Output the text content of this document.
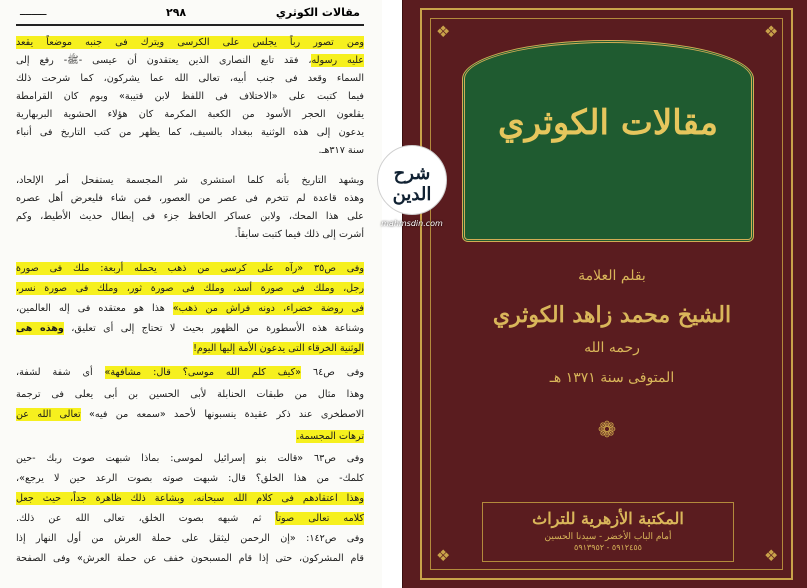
مقالات الكوثري
٢٩٨
ـــــــــ
ومن تصور رباً يجلس على الكرسى ويترك فى جنبه موضعاً يقعد
عليه رسوله، فقد تابع النصارى الذين يعتقدون أن عيسى -ﷺ- رفع إلى
السماء وقعد فى جنب أبيه، تعالى الله عما يشركون، كما شرحت ذلك
فيما كتبت على «الاختلاف فى اللفظ لابن قتيبة» ويوم كان القرامطة
يقلعون الحجر الأسود من الكعبة المكرمة كان هؤلاء الحشوية البربهارية
يدعون إلى هذه الوثنية ببغداد بالسيف، كما يظهر من كتب التاريخ فى أنباء
سنة ٣١٧هـ.
ويشهد التاريخ بأنه كلما استشرى شر المجسمة يستفحل أمر الإلحاد،
وهذه قاعدة لم تتخرم فى عصر من العصور، فمن شاء فليعرض أهل عصره
على هذا المحك، ولابن عساكر الحافظ جزء فى إبطال حديث الأطيط، وكم
أشرت إلى ذلك فيما كتبت سابقاً.
وفى ص٣٥ «رآه على كرسى من ذهب يحمله أربعة: ملك فى صورة
رجل، وملك فى صورة أسد، وملك فى صورة ثور، وملك فى صورة نسر،
فى روضة خضراء، دونه فراش من ذهب» هذا هو معتقده فى إله العالمين،
وشناعة هذه الأسطورة من الظهور بحيث لا تحتاج إلى أى تعليق، وهذه هى
الوثنية الخرقاء التى يدعون الأمة إليها اليوم!
وفى ص٦٤ «كيف كلم الله موسى؟ قال: مشافهة» أى شفة لشفة،
وهذا مثال من طبقات الحنابلة لأبى الحسين بن أبى يعلى فى ترجمة
الاصطخرى عند ذكر عقيدة ينسبونها لأحمد «سمعه من فيه» تعالى الله عن
ترهات المجسمة.
وفى ص٦٣ «قالت بنو إسرائيل لموسى: بماذا شبهت صوت ربك -حين
كلمك- من هذا الخلق؟ قال: شبهت صوته بصوت الرعد حين لا يرجع»،
وهذا اعتقادهم فى كلام الله سبحانه، وبشاعة ذلك ظاهرة جداً، حيث جعل
كلامه تعالى صوتاً ثم شبهه بصوت الخلق، تعالى الله عن ذلك.
وفى ص١٤٢: «إن الرحمن ليثقل على حملة العرش من أول النهار إذا
قام المشركون، حتى إذا قام المسبحون خفف عن حملة العرش» وفى الصفحة
مقالات الكوثري
❖	❖
❖	❖
بقلم العلامة
الشيخ محمد زاهد الكوثري
رحمه الله
المتوفى سنة ١٣٧١ هـ
❁
المكتبة الأزهرية للتراث
أمام الباب الأخضر - سيدنا الحسين
٥٩١٢٤٥٥ - ٥٩١٣٩٥٢
شرح الدين
mahmsdin.com
